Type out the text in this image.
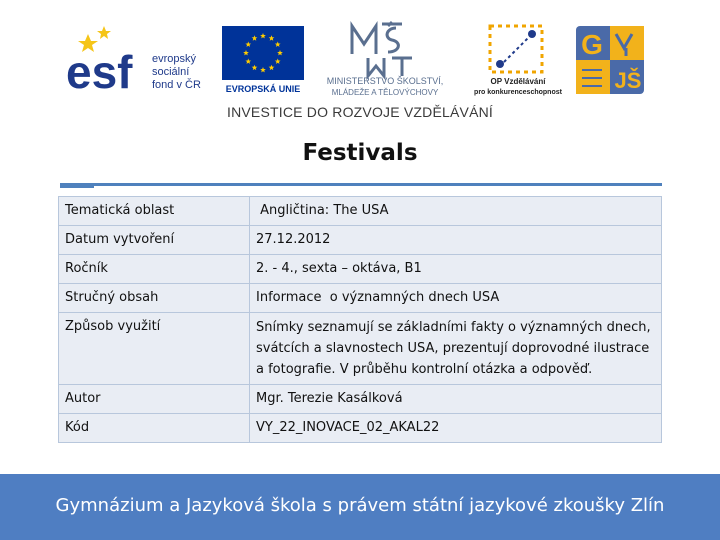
esf evropský
sociální
fond v ČR	EVROPSKÁ UNIE
MINISTERSTVO ŠKOLSTVÍ,
MLÁDEŽE A TĚLOVÝCHOVY
OP Vzdělávání
pro konkurenceschopnost
G
JŠ
INVESTICE DO ROZVOJE VZDĚLÁVÁNÍ
Festivals
Tematická oblast	Angličtina: The USA
Datum vytvoření	27.12.2012
Ročník	2. - 4., sexta – oktáva, B1
Stručný obsah	Informace  o významných dnech USA
Způsob využití	Snímky seznamují se základními fakty o významných dnech, svátcích a slavnostech USA, prezentují doprovodné ilustrace a fotografie. V průběhu kontrolní otázka a odpověď.
Autor	Mgr. Terezie Kasálková
Kód	VY_22_INOVACE_02_AKAL22
Gymnázium a Jazyková škola s právem státní jazykové zkoušky Zlín
